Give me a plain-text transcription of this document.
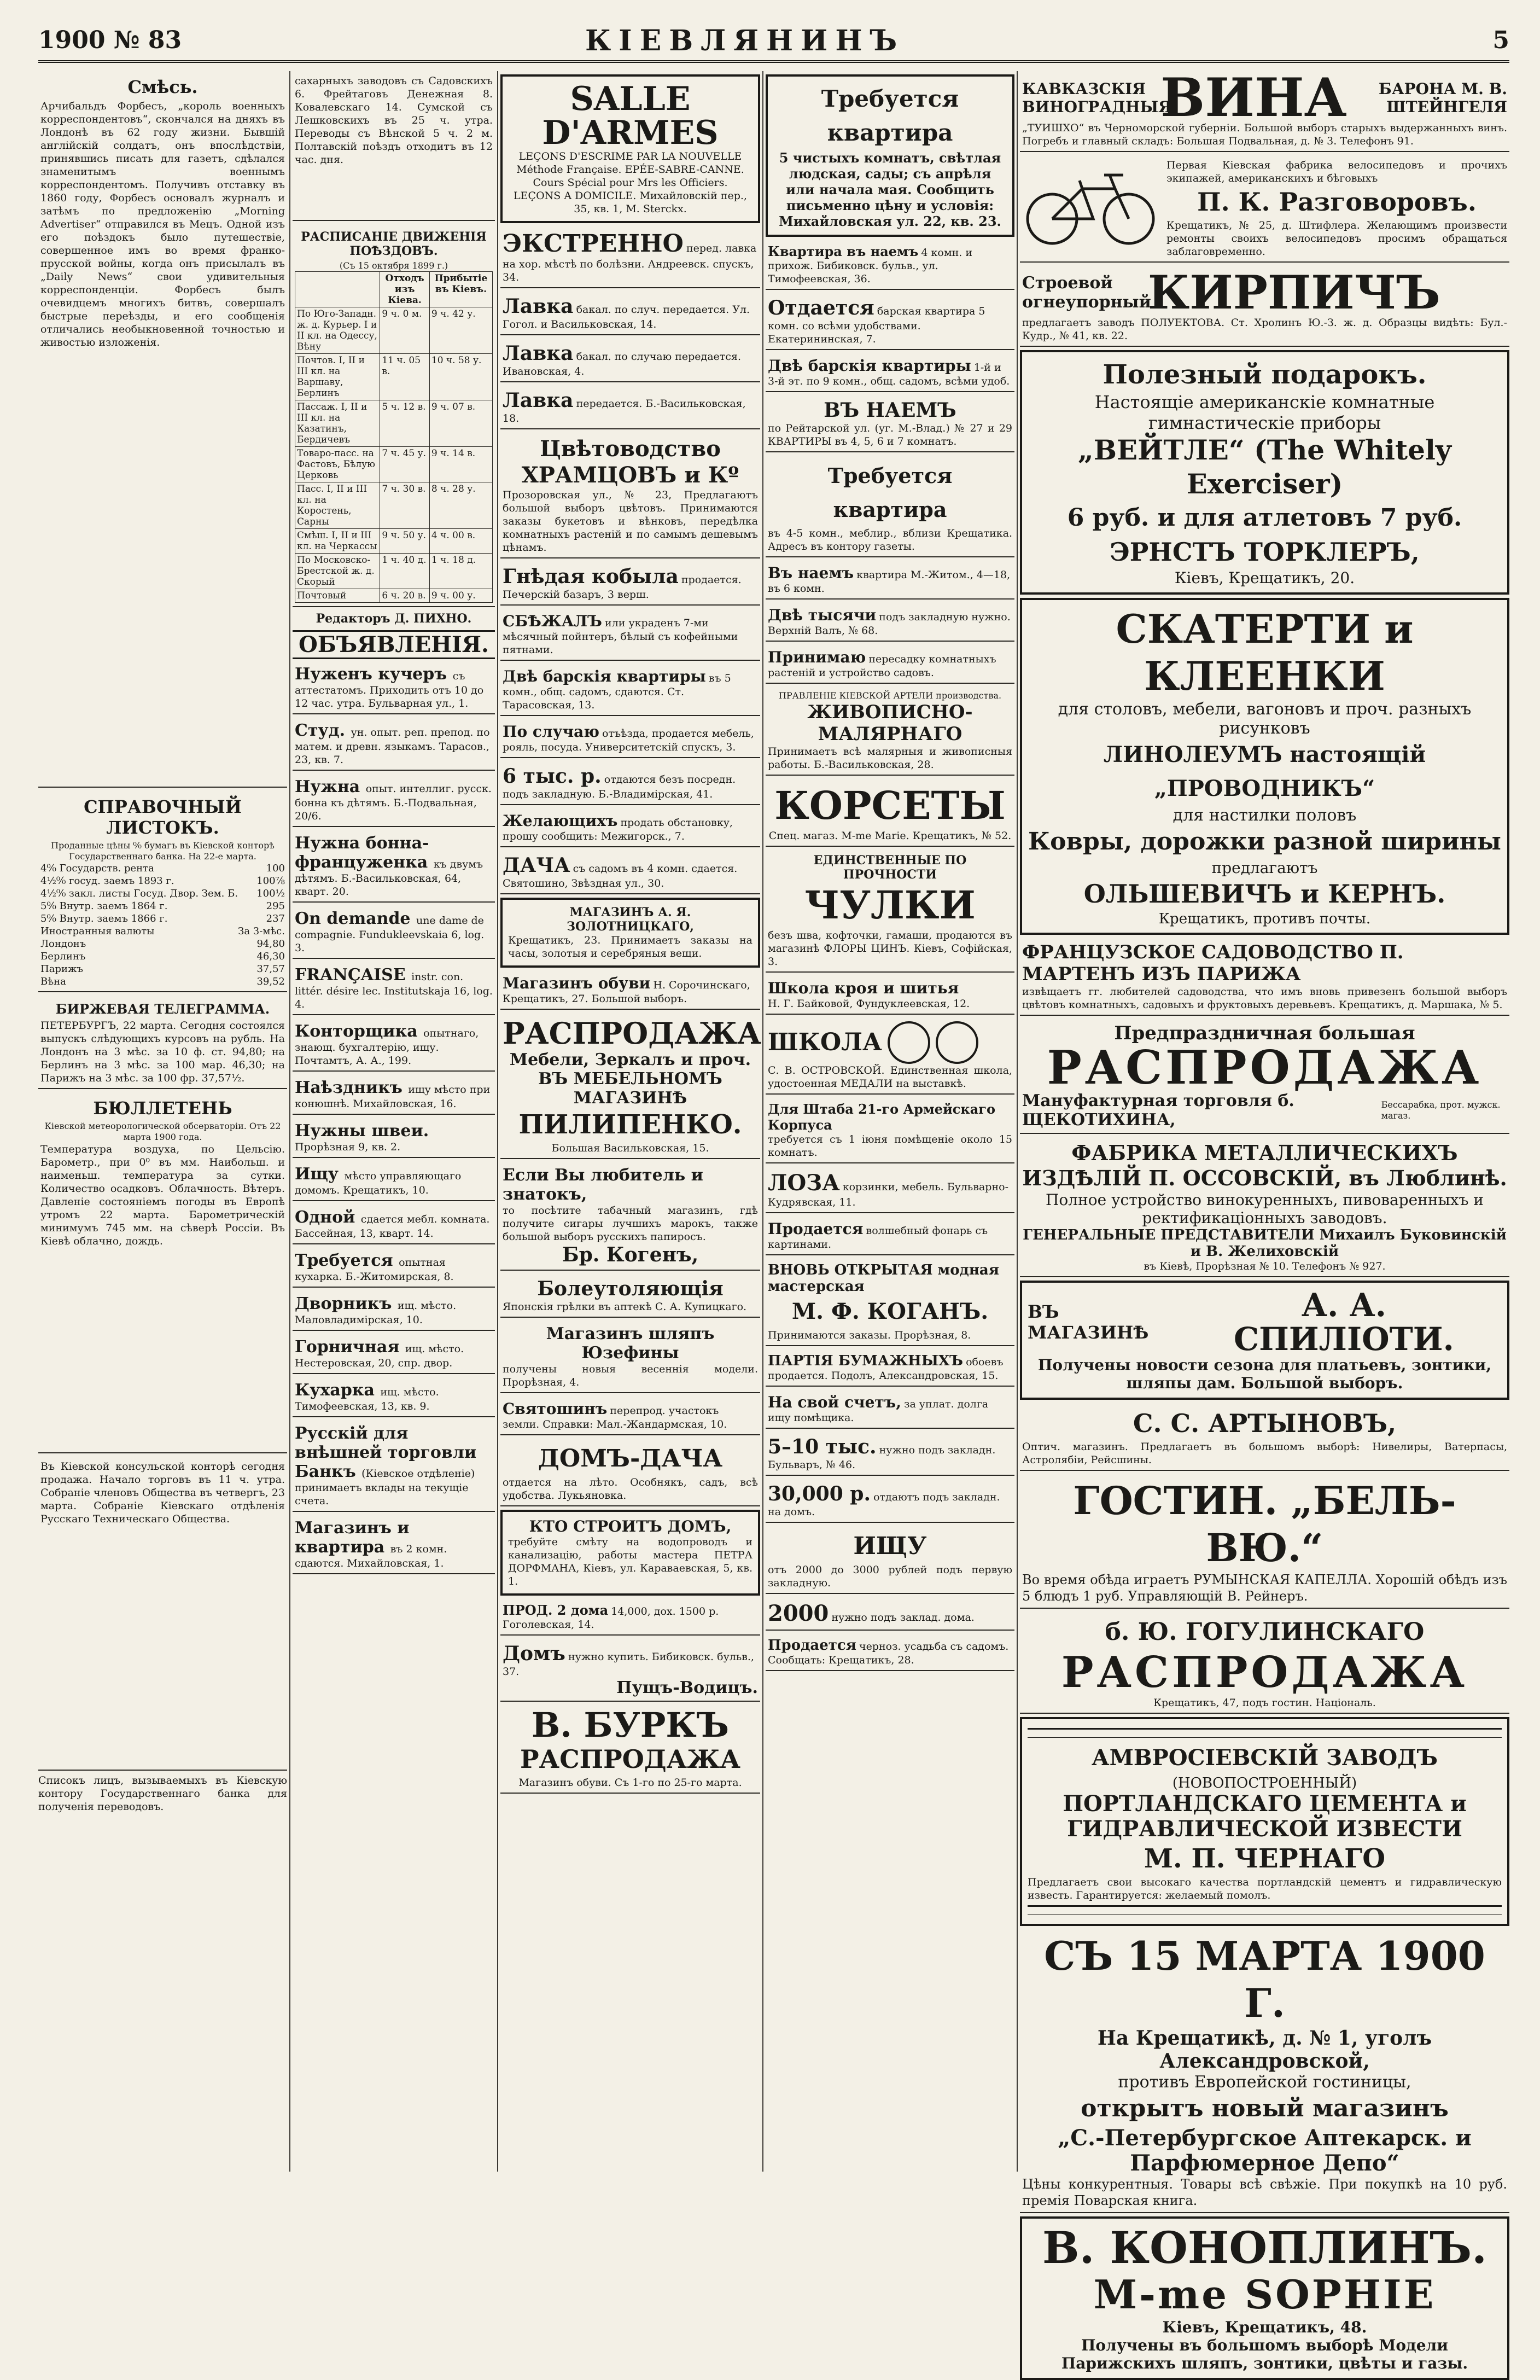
1900 № 83	КІЕВЛЯНИНЪ	5
Смѣсь.
Арчибальдъ Форбесъ, „король военныхъ корреспондентовъ“, скончался на дняхъ въ Лондонѣ въ 62 году жизни. Бывшій англійскій солдатъ, онъ впослѣдствіи, принявшись писать для газетъ, сдѣлался знаменитымъ военнымъ корреспондентомъ. Получивъ отставку въ 1860 году, Форбесъ основалъ журналъ и затѣмъ по предложенію „Morning Advertiser“ отправился въ Мецъ. Одной изъ его поѣздокъ было путешествіе, совершенное имъ во время франко-прусской войны, когда онъ присылалъ въ „Daily News“ свои удивительныя корреспонденціи. Форбесъ былъ очевидцемъ многихъ битвъ, совершалъ быстрые переѣзды, и его сообщенія отличались необыкновенной точностью и живостью изложенія.
СПРАВОЧНЫЙ ЛИСТОКЪ.
Проданные цѣны ⁰⁄₀ бумагъ въ Кіевской конторѣ Государственнаго банка. На 22-е марта.
4⁰⁄₀ Государств. рента	100
4½⁰⁄₀ госуд. заемъ 1893 г.	100⅞
4½⁰⁄₀ закл. листы Госуд. Двор. Зем. Б. 100½
5⁰⁄₀ Внутр. заемъ 1864 г.	295
5⁰⁄₀ Внутр. заемъ 1866 г.	237
Иностранныя валюты	За 3-мѣс.
Лондонъ	94,80
Берлинъ	46,30
Парижъ	37,57
Вѣна	39,52
БИРЖЕВАЯ ТЕЛЕГРАММА.
ПЕТЕРБУРГЪ, 22 марта. Сегодня состоялся выпускъ слѣдующихъ курсовъ на рубль. На Лондонъ на 3 мѣс. за 10 ф. ст. 94,80; на Берлинъ на 3 мѣс. за 100 мар. 46,30; на Парижъ на 3 мѣс. за 100 фр. 37,57½.
БЮЛЛЕТЕНЬ
Кіевской метеорологической обсерваторіи. Отъ 22 марта 1900 года.
Температура воздуха, по Цельсію. Барометр., при 0⁰ въ мм. Наибольш. и наименьш. температура за сутки. Количество осадковъ. Облачность. Вѣтеръ. Давленіе состояніемъ погоды въ Европѣ утромъ 22 марта. Барометрическій минимумъ 745 мм. на сѣверѣ Россіи. Въ Кіевѣ облачно, дождь.
Въ Кіевской консульской конторѣ сегодня продажа. Начало торговъ въ 11 ч. утра. Собраніе членовъ Общества въ четвергъ, 23 марта. Собраніе Кіевскаго отдѣленія Русскаго Техническаго Общества.
Спиcокъ лицъ, вызываемыхъ въ Кіевскую контору Государственнаго банка для полученія переводовъ.
сахарныхъ заводовъ съ Садовскихъ 6. Фрейтаговъ Денежная 8. Ковалевскаго 14. Сумской съ Лешковскихъ въ 25 ч. утра. Переводы съ Вѣнской 5 ч. 2 м. Полтавскій поѣздъ отходитъ въ 12 час. дня.
РАСПИСАНІЕ ДВИЖЕНІЯ ПОѢЗДОВЪ.
(Съ 15 октября 1899 г.)
	Отходъ изъ Кіева.	Прибытіе въ Кіевъ.
По Юго-Западн. ж. д. Курьер. I и II кл. на Одессу, Вѣну	9 ч. 0 м.	9 ч. 42 у.
Почтов. I, II и III кл. на Варшаву, Берлинъ	11 ч. 05 в.	10 ч. 58 у.
Пассаж. I, II и III кл. на Казатинъ, Бердичевъ	5 ч. 12 в.	9 ч. 07 в.
Товаро-пасс. на Фастовъ, Бѣлую Церковь	7 ч. 45 у.	9 ч. 14 в.
Пасс. I, II и III кл. на Коростень, Сарны	7 ч. 30 в.	8 ч. 28 у.
Смѣш. I, II и III кл. на Черкассы	9 ч. 50 у.	4 ч. 00 в.
По Московско-Брестской ж. д. Скорый	1 ч. 40 д.	1 ч. 18 д.
Почтовый	6 ч. 20 в.	9 ч. 00 у.
Редакторъ Д. ПИХНО.
ОБЪЯВЛЕНІЯ.
Нуженъ кучеръ съ аттестатомъ. Приходить отъ 10 до 12 час. утра. Бульварная ул., 1.
Студ. ун. опыт. реп. препод. по матем. и древн. языкамъ. Тарасов., 23, кв. 7.
Нужна опыт. интеллиг. русск. бонна къ дѣтямъ. Б.-Подвальная, 20/6.
Нужна бонна-француженка къ двумъ дѣтямъ. Б.-Васильковская, 64, кварт. 20.
On demande une dame de compagnie. Fundukleevskaia 6, log. 3.
FRANÇAISE instr. con. littér. désire lec. Institutskaja 16, log. 4.
Конторщика опытнаго, знающ. бухгалтерію, ищу. Почтамтъ, А. А., 199.
Наѣздникъ ищу мѣсто при конюшнѣ. Михайловская, 16.
Нужны швеи. Прорѣзная 9, кв. 2.
Ищу мѣсто управляющаго домомъ. Крещатикъ, 10.
Одной сдается мебл. комната. Бассейная, 13, кварт. 14.
Требуется опытная кухарка. Б.-Житомирская, 8.
Дворникъ ищ. мѣсто. Маловладимірская, 10.
Горничная ищ. мѣсто. Нестеровская, 20, спр. двор.
Кухарка ищ. мѣсто. Тимофеевская, 13, кв. 9.
Русскій для внѣшней торговли Банкъ (Кіевское отдѣленіе) принимаетъ вклады на текущіе счета.
Магазинъ и квартира въ 2 комн. сдаются. Михайловская, 1.
SALLE D'ARMES
LEÇONS D'ESCRIME PAR LA NOUVELLE Méthode Française. EPÉE-SABRE-CANNE. Cours Spécial pour Mrs les Officiers. LEÇONS A DOMICILE. Михайловскій пер., 35, кв. 1, M. Sterckx.
ЭКСТРЕННО перед. лавка на хор. мѣстѣ по болѣзни. Андреевск. спускъ, 34.
Лавка бакал. по случ. передается. Ул. Гогол. и Васильковская, 14.
Лавка бакал. по случаю передается. Ивановская, 4.
Лавка передается. Б.-Васильковская, 18.
Цвѣтоводство ХРАМЦОВЪ и Кº
Прозоровская ул., № 23, Предлагаютъ большой выборъ цвѣтовъ. Принимаются заказы букетовъ и вѣнковъ, передѣлка комнатныхъ растеній и по самымъ дешевымъ цѣнамъ.
Гнѣдая кобыла продается. Печерскій базаръ, 3 верш.
СБѢЖАЛЪ или украденъ 7-ми мѣсячный пойнтеръ, бѣлый съ кофейными пятнами.
Двѣ барскія квартиры въ 5 комн., общ. садомъ, сдаются. Ст. Тарасовская, 13.
По случаю отъѣзда, продается мебель, рояль, посуда. Университетскій спускъ, 3.
6 тыс. р. отдаются безъ посредн. подъ закладную. Б.-Владимірская, 41.
Желающихъ продать обстановку, прошу сообщить: Межигорск., 7.
ДАЧА съ садомъ въ 4 комн. сдается. Святошино, Звѣздная ул., 30.
МАГАЗИНЪ А. Я. ЗОЛОТНИЦКАГО,
Крещатикъ, 23. Принимаетъ заказы на часы, золотыя и серебряныя вещи.
Магазинъ обуви Н. Сорочинскаго, Крещатикъ, 27. Большой выборъ.
РАСПРОДАЖА
Мебели, Зеркалъ и проч. ВЪ МЕБЕЛЬНОМЪ МАГАЗИНѢ
ПИЛИПЕНКО.
Большая Васильковская, 15.
Если Вы любитель и знатокъ,
то посѣтите табачный магазинъ, гдѣ получите сигары лучшихъ марокъ, также большой выборъ русскихъ папиросъ.
Бр. Когенъ,
Болеутоляющія
Японскія грѣлки въ аптекѣ С. А. Купицкаго.
Магазинъ шляпъ Юзефины
получены новыя весеннія модели. Прорѣзная, 4.
Святошинъ перепрод. участокъ земли. Справки: Мал.-Жандармская, 10.
ДОМЪ-ДАЧА
отдается на лѣто. Особнякъ, садъ, всѣ удобства. Лукьяновка.
КТО СТРОИТЪ ДОМЪ,
требуйте смѣту на водопроводъ и канализацію, работы мастера ПЕТРА ДОРФМАНА, Кіевъ, ул. Караваевская, 5, кв. 1.
ПРОД. 2 дома 14,000, дох. 1500 р. Гоголевская, 14.
Домъ нужно купить. Бибиковск. бульв., 37.
Пущъ-Водицъ.
В. БУРКЪ
РАСПРОДАЖА
Магазинъ обуви. Съ 1-го по 25-го марта.
Требуется квартира
5 чистыхъ комнатъ, свѣтлая людская, сады; съ апрѣля или начала мая. Сообщить письменно цѣну и условія: Михайловская ул. 22, кв. 23.
Квартира въ наемъ 4 комн. и прихож. Бибиковск. бульв., ул. Тимофеевская, 36.
Отдается барская квартира 5 комн. со всѣми удобствами. Екатерининская, 7.
Двѣ барскія квартиры 1-й и 3-й эт. по 9 комн., общ. садомъ, всѣми удоб.
ВЪ НАЕМЪ
по Рейтарской ул. (уг. М.-Влад.) № 27 и 29 КВАРТИРЫ въ 4, 5, 6 и 7 комнатъ.
Требуется квартира
въ 4-5 комн., меблир., вблизи Крещатика. Адресъ въ контору газеты.
Въ наемъ квартира М.-Житом., 4—18, въ 6 комн.
Двѣ тысячи подъ закладную нужно. Верхній Валъ, № 68.
Принимаю пересадку комнатныхъ растеній и устройство садовъ.
ПРАВЛЕНІЕ КІЕВСКОЙ АРТЕЛИ производства.
ЖИВОПИСНО-МАЛЯРНАГО
Принимаетъ всѣ малярныя и живописныя работы. Б.-Васильковская, 28.
КОРСЕТЫ
Спец. магаз. M-me Marie. Крещатикъ, № 52.
ЕДИНСТВЕННЫЕ ПО ПРОЧНОСТИ
ЧУЛКИ
безъ шва, кофточки, гамаши, продаются въ магазинѣ ФЛОРЫ ЦИНЪ. Кіевъ, Софійская, 3.
Школа кроя и шитья
Н. Г. Байковой, Фундуклеевская, 12.
ШКОЛА
С. В. ОСТРОВСКОЙ. Единственная школа, удостоенная МЕДАЛИ на выставкѣ.
Для Штаба 21-го Армейскаго Корпуса
требуется съ 1 іюня помѣщеніе около 15 комнатъ.
ЛОЗА корзинки, мебель. Бульварно-Кудрявская, 11.
Продается волшебный фонарь съ картинами.
ВНОВЬ ОТКРЫТАЯ модная мастерская
М. Ф. КОГАНЪ.
Принимаются заказы. Прорѣзная, 8.
ПАРТІЯ БУМАЖНЫХЪ обоевъ продается. Подолъ, Александровская, 15.
На свой счетъ, за уплат. долга ищу помѣщика.
5–10 тыс. нужно подъ закладн. Бульваръ, № 46.
30,000 р. отдаютъ подъ закладн. на домъ.
ИЩУ
отъ 2000 до 3000 рублей подъ первую закладную.
2000 нужно подъ заклад. дома.
Продается черноз. усадьба съ садомъ. Сообщать: Крещатикъ, 28.
КАВКАЗСКІЯ ВИНОГРАДНЫЯ
ВИНА	БАРОНА М. В. ШТЕЙНГЕЛЯ
„ТУИШХО“ въ Черноморской губерніи. Большой выборъ старыхъ выдержанныхъ винъ. Погребъ и главный складъ: Большая Подвальная, д. № 3. Телефонъ 91.
Первая Кіевская фабрика велосипедовъ и прочихъ экипажей, американскихъ и бѣговыхъ
П. К. Разговоровъ.
Крещатикъ, № 25, д. Штифлера. Желающимъ произвести ремонты своихъ велосипедовъ просимъ обращаться заблаговременно.
Строевой огнеупорный
КИРПИЧЪ
предлагаетъ заводъ ПОЛУЕКТОВА. Ст. Хролинъ Ю.-З. ж. д. Образцы видѣть: Бул.-Кудр., № 41, кв. 22.
Полезный подарокъ.
Настоящіе американскіе комнатные гимнастическіе приборы
„ВЕЙТЛЕ“ (The Whitely Exerciser)
6 руб. и для атлетовъ 7 руб.
ЭРНСТЪ ТОРКЛЕРЪ,
Кіевъ, Крещатикъ, 20.
СКАТЕРТИ и КЛЕЕНКИ
для столовъ, мебели, вагоновъ и проч. разныхъ рисунковъ
ЛИНОЛЕУМЪ настоящій „ПРОВОДНИКЪ“
для настилки половъ
Ковры, дорожки разной ширины
предлагаютъ
ОЛЬШЕВИЧЪ и КЕРНЪ.
Крещатикъ, противъ почты.
ФРАНЦУЗСКОЕ САДОВОДСТВО П. МАРТЕНЪ ИЗЪ ПАРИЖА
извѣщаетъ гг. любителей садоводства, что имъ вновь привезенъ большой выборъ цвѣтовъ комнатныхъ, садовыхъ и фруктовыхъ деревьевъ. Крещатикъ, д. Маршака, № 5.
Предпраздничная большая
РАСПРОДАЖА
Мануфактурная торговля б. ЩЕКОТИХИНА,
Бессарабка, прот. мужск. магаз.
ФАБРИКА МЕТАЛЛИЧЕСКИХЪ ИЗДѢЛІЙ П. ОССОВСКІЙ, въ Люблинѣ.
Полное устройство винокуренныхъ, пивоваренныхъ и ректификаціонныхъ заводовъ.
ГЕНЕРАЛЬНЫЕ ПРЕДСТАВИТЕЛИ Михаилъ Буковинскій и В. Желиховскій
въ Кіевѣ, Прорѣзная № 10. Телефонъ № 927.
ВЪ МАГАЗИНѢ
А. А. СПИЛІОТИ.
Получены новости сезона для платьевъ, зонтики, шляпы дам. Большой выборъ.
С. С. АРТЫНОВЪ,
Оптич. магазинъ. Предлагаетъ въ большомъ выборѣ: Нивелиры, Ватерпасы, Астролябіи, Рейсшины.
ГОСТИН. „БЕЛЬ-ВЮ.“
Во время обѣда играетъ РУМЫНСКАЯ КАПЕЛЛА. Хорошій обѣдъ изъ 5 блюдъ 1 руб. Управляющій В. Рейнеръ.
б. Ю. ГОГУЛИНСКАГО
РАСПРОДАЖА
Крещатикъ, 47, подъ гостин. Національ.
АМВРОСІЕВСКІЙ ЗАВОДЪ
(НОВОПОСТРОЕННЫЙ)
ПОРТЛАНДСКАГО ЦЕМЕНТА и ГИДРАВЛИЧЕСКОЙ ИЗВЕСТИ
М. П. ЧЕРНАГО
Предлагаетъ свои высокаго качества портландскій цементъ и гидравлическую известь. Гарантируется: желаемый помолъ.
СЪ 15 МАРТА 1900 Г.
На Крещатикѣ, д. № 1, уголъ Александровской,
противъ Европейской гостиницы,
открытъ новый магазинъ
„С.-Петербургское Аптекарск. и Парфюмерное Депо“
Цѣны конкурентныя. Товары всѣ свѣжіе. При покупкѣ на 10 руб. премія Поварская книга.
В. КОНОПЛИНЪ.
M-me SOPHIE
Кіевъ, Крещатикъ, 48.
Получены въ большомъ выборѣ Модели Парижскихъ шляпъ, зонтики, цвѣты и газы.
